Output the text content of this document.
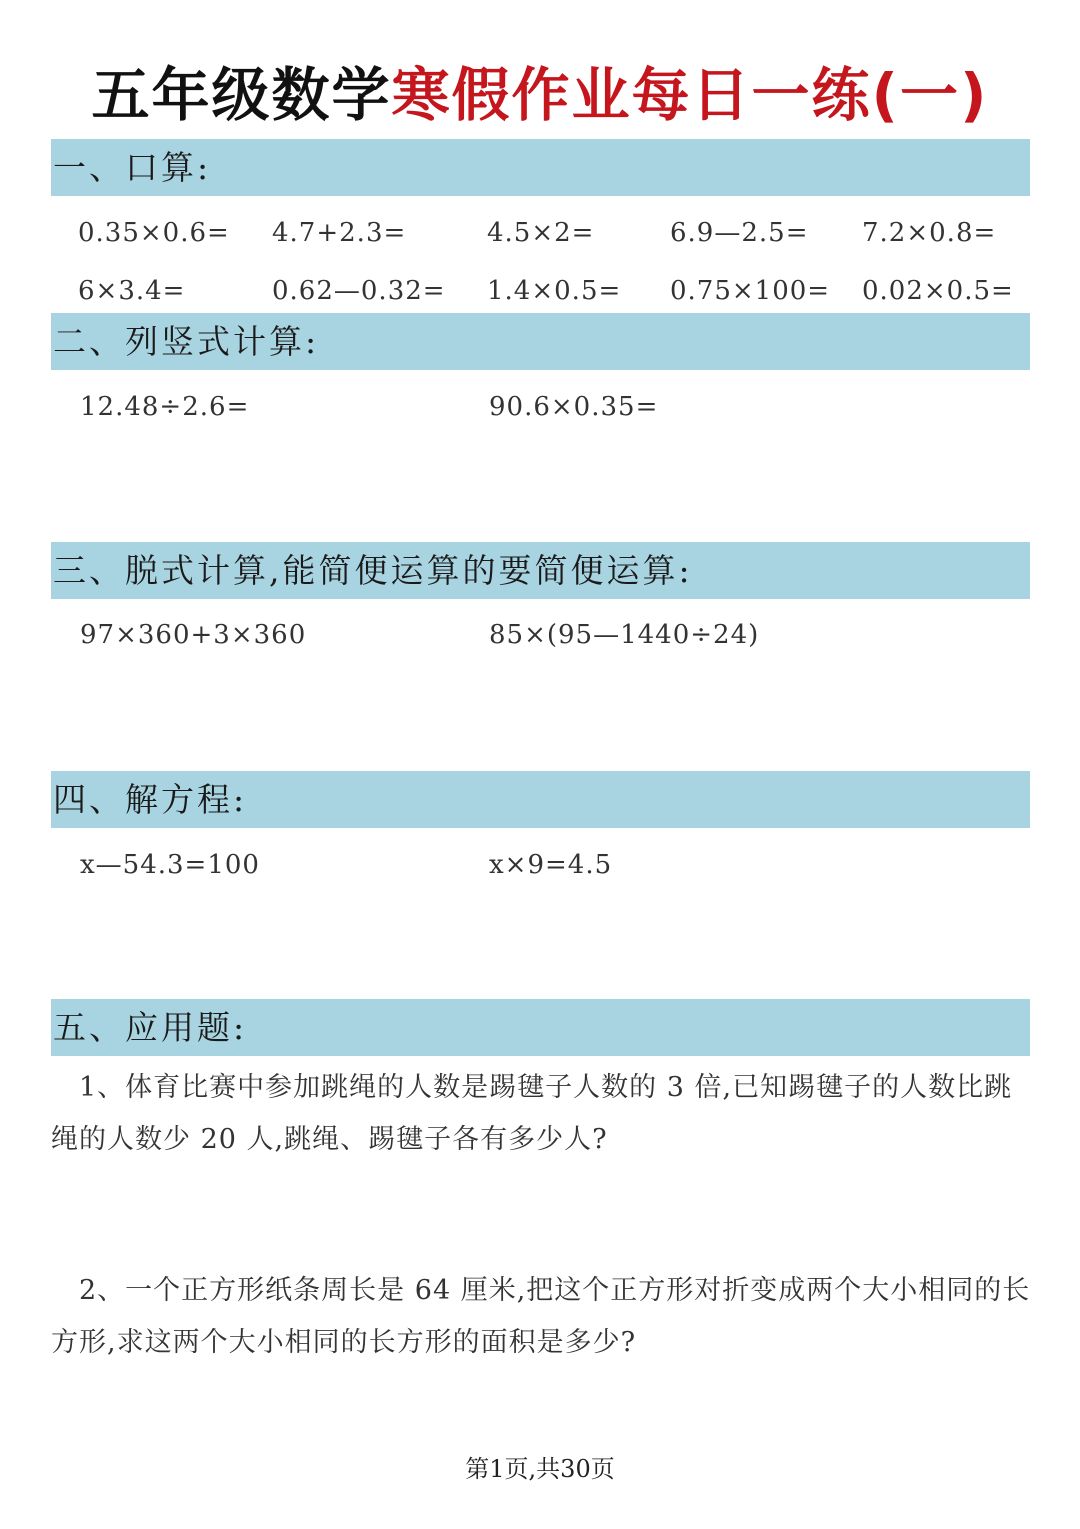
五年级数学寒假作业每日一练(一)
一、口算:
0.35×0.6= 4.7+2.3=	4.5×2=	6.9—2.5= 7.2×0.8=
6×3.4=	0.62—0.32= 1.4×0.5= 0.75×100= 0.02×0.5=
二、列竖式计算:
12.48÷2.6=	90.6×0.35=
三、脱式计算,能简便运算的要简便运算:
97×360+3×360	85×(95—1440÷24)
四、解方程:
x—54.3=100	x×9=4.5
五、应用题:
1、体育比赛中参加跳绳的人数是踢毽子人数的 3 倍,已知踢毽子的人数比跳绳的人数少 20 人,跳绳、踢毽子各有多少人?
2、一个正方形纸条周长是 64 厘米,把这个正方形对折变成两个大小相同的长方形,求这两个大小相同的长方形的面积是多少?
第1页,共30页
